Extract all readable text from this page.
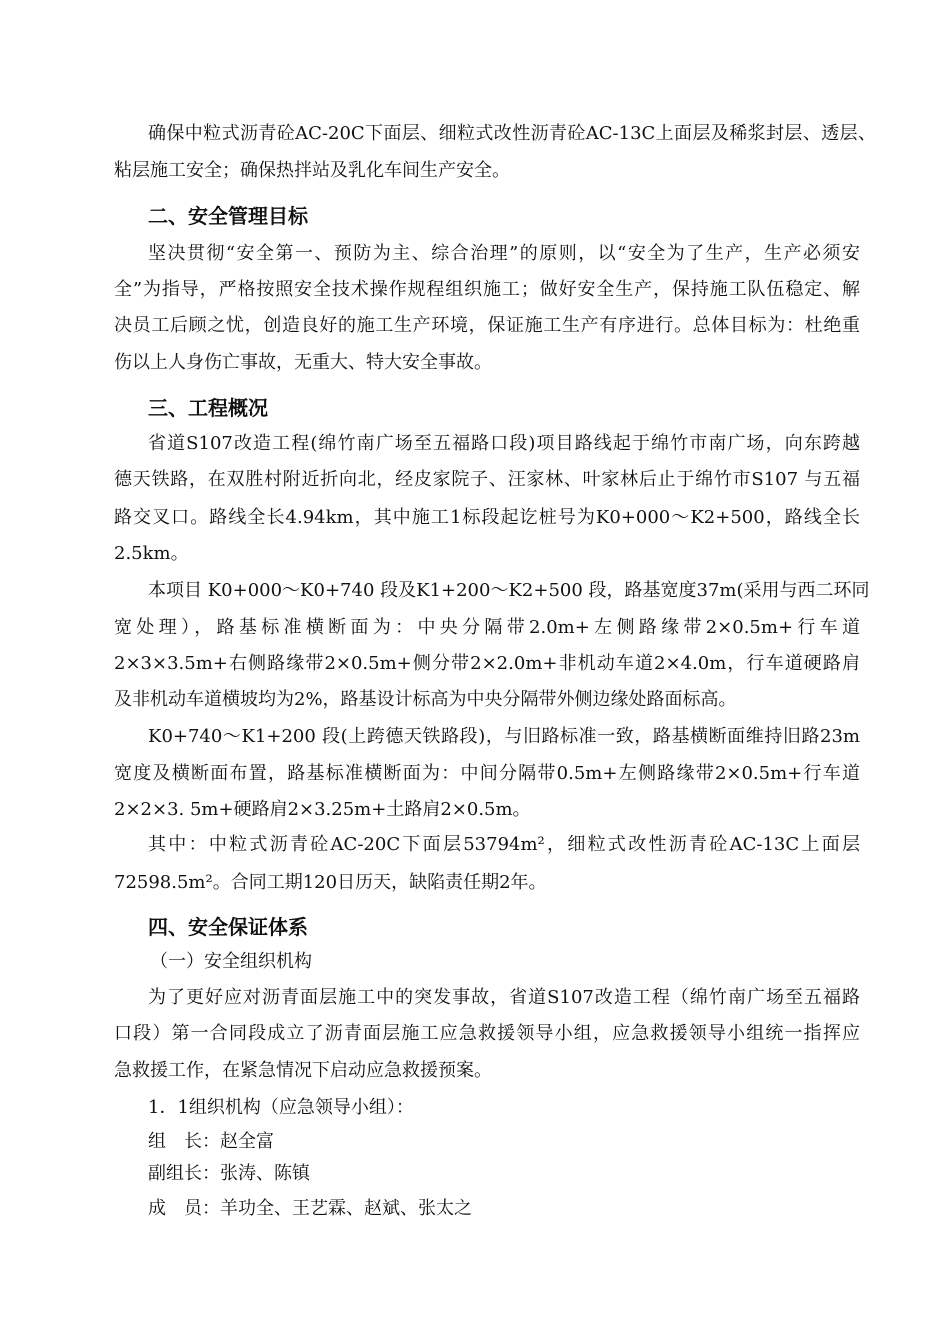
确保中粒式沥青砼AC-20C下面层、细粒式改性沥青砼AC-13C上面层及稀浆封层、透层、
粘层施工安全；确保热拌站及乳化车间生产安全。
二、安全管理目标
坚决贯彻“安全第一、预防为主、综合治理”的原则，以“安全为了生产，生产必须安
全”为指导，严格按照安全技术操作规程组织施工；做好安全生产，保持施工队伍稳定、解
决员工后顾之忧，创造良好的施工生产环境，保证施工生产有序进行。总体目标为：杜绝重
伤以上人身伤亡事故，无重大、特大安全事故。
三、工程概况
省道S107改造工程(绵竹南广场至五福路口段)项目路线起于绵竹市南广场，向东跨越
德天铁路，在双胜村附近折向北，经皮家院子、汪家林、叶家林后止于绵竹市S107 与五福
路交叉口。路线全长4.94km，其中施工1标段起讫桩号为K0+000～K2+500，路线全长
2.5km。
本项目 K0+000～K0+740 段及K1+200～K2+500 段，路基宽度37m(采用与西二环同
宽处理），路基标准横断面为：中央分隔带2.0m+左侧路缘带2×0.5m+行车道
2×3×3.5m+右侧路缘带2×0.5m+侧分带2×2.0m+非机动车道2×4.0m，行车道硬路肩
及非机动车道横坡均为2%，路基设计标高为中央分隔带外侧边缘处路面标高。
K0+740～K1+200 段(上跨德天铁路段)，与旧路标准一致，路基横断面维持旧路23m
宽度及横断面布置，路基标准横断面为：中间分隔带0.5m+左侧路缘带2×0.5m+行车道
2×2×3. 5m+硬路肩2×3.25m+土路肩2×0.5m。
其中：中粒式沥青砼AC-20C下面层53794m²，细粒式改性沥青砼AC-13C上面层
72598.5m²。合同工期120日历天，缺陷责任期2年。
四、安全保证体系
（一）安全组织机构
为了更好应对沥青面层施工中的突发事故，省道S107改造工程（绵竹南广场至五福路
口段）第一合同段成立了沥青面层施工应急救援领导小组，应急救援领导小组统一指挥应
急救援工作，在紧急情况下启动应急救援预案。
1．1组织机构（应急领导小组）：
组　长：赵全富
副组长：张涛、陈镇
成　员：羊功全、王艺霖、赵斌、张太之
